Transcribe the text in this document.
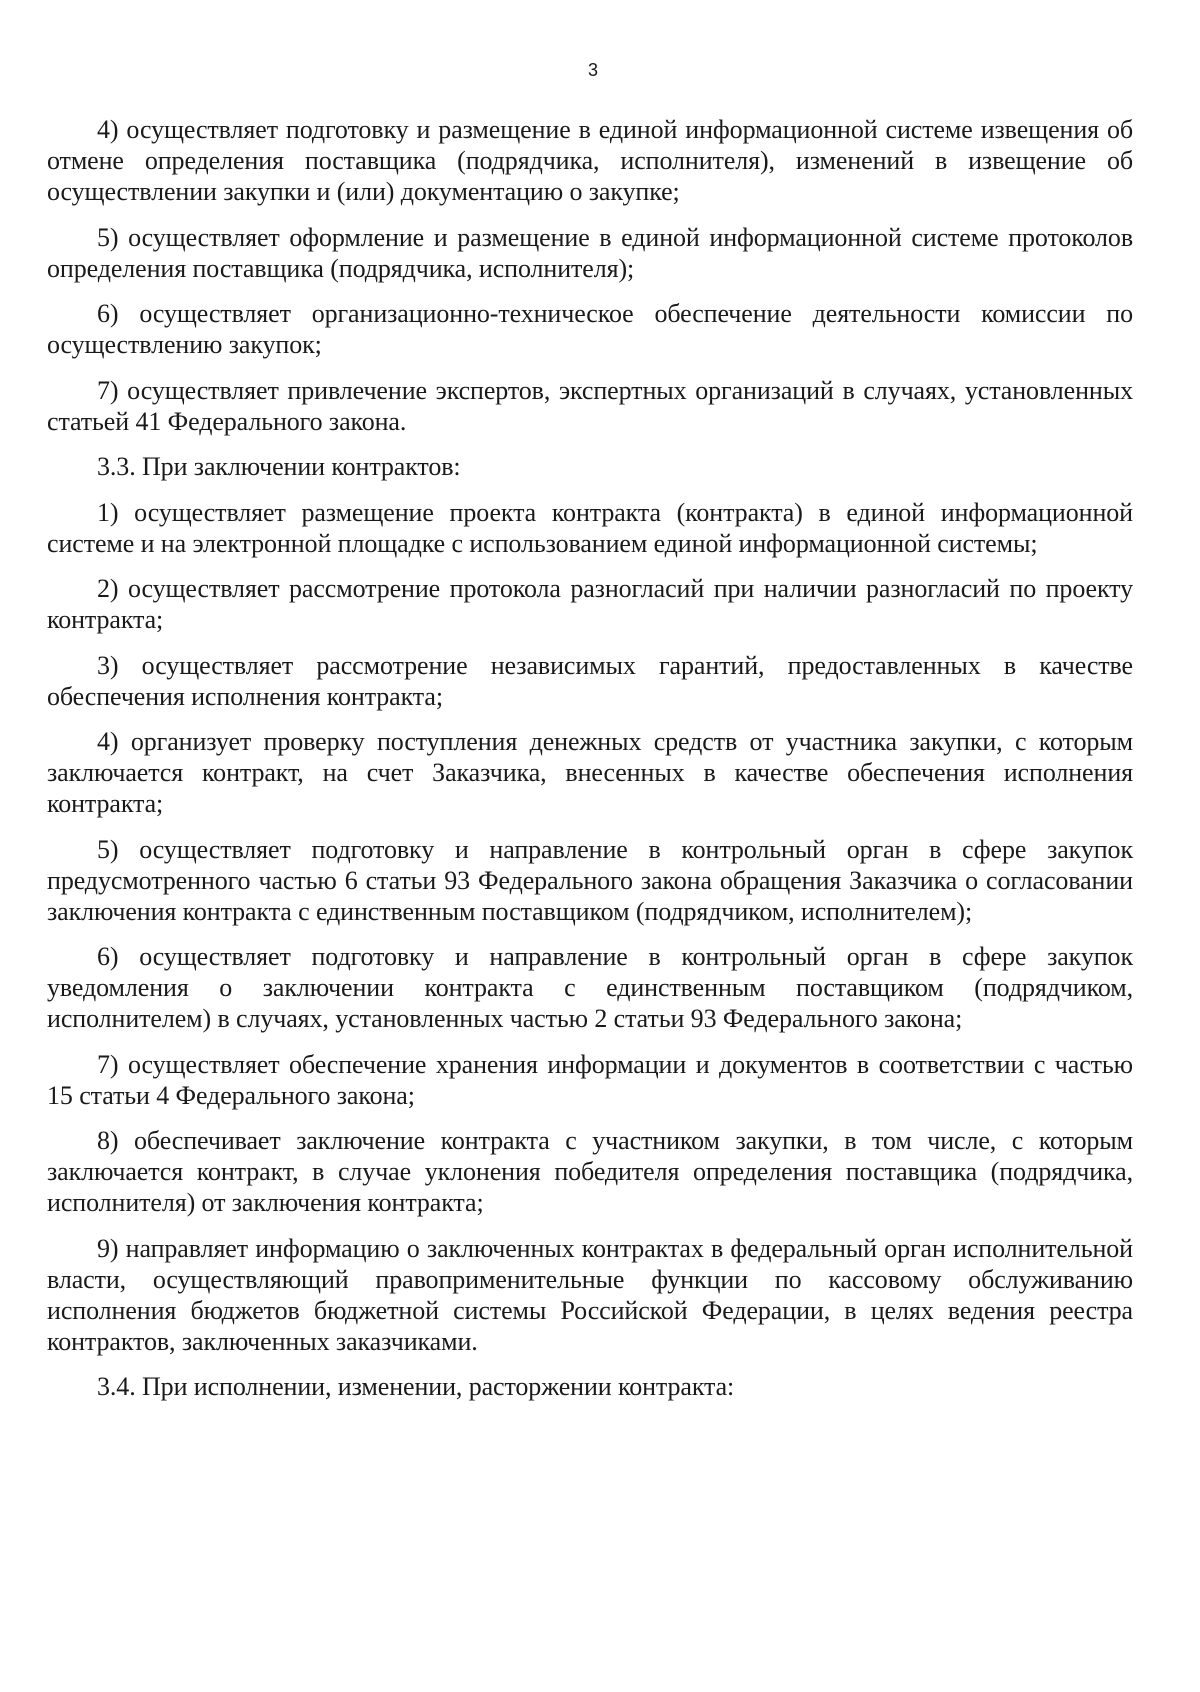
3

4) осуществляет подготовку и размещение в единой информационной системе извещения об отмене определения поставщика (подрядчика, исполнителя), изменений в извещение об осуществлении закупки и (или) документацию о закупке;

5) осуществляет оформление и размещение в единой информационной системе протоколов определения поставщика (подрядчика, исполнителя);

6) осуществляет организационно-техническое обеспечение деятельности комиссии по осуществлению закупок;

7) осуществляет привлечение экспертов, экспертных организаций в случаях, установленных статьей 41 Федерального закона.

3.3. При заключении контрактов:

1) осуществляет размещение проекта контракта (контракта) в единой информационной системе и на электронной площадке с использованием единой информационной системы;

2) осуществляет рассмотрение протокола разногласий при наличии разногласий по проекту контракта;

3) осуществляет рассмотрение независимых гарантий, предоставленных в качестве обеспечения исполнения контракта;

4) организует проверку поступления денежных средств от участника закупки, с которым заключается контракт, на счет Заказчика, внесенных в качестве обеспечения исполнения контракта;

5) осуществляет подготовку и направление в контрольный орган в сфере закупок предусмотренного частью 6 статьи 93 Федерального закона обращения Заказчика о согласовании заключения контракта с единственным поставщиком (подрядчиком, исполнителем);

6) осуществляет подготовку и направление в контрольный орган в сфере закупок уведомления о заключении контракта с единственным поставщиком (подрядчиком, исполнителем) в случаях, установленных частью 2 статьи 93 Федерального закона;

7) осуществляет обеспечение хранения информации и документов в соответствии с частью 15 статьи 4 Федерального закона;

8) обеспечивает заключение контракта с участником закупки, в том числе, с которым заключается контракт, в случае уклонения победителя определения поставщика (подрядчика, исполнителя) от заключения контракта;

9) направляет информацию о заключенных контрактах в федеральный орган исполнительной власти, осуществляющий правоприменительные функции по кассовому обслуживанию исполнения бюджетов бюджетной системы Российской Федерации, в целях ведения реестра контрактов, заключенных заказчиками.

3.4. При исполнении, изменении, расторжении контракта:
